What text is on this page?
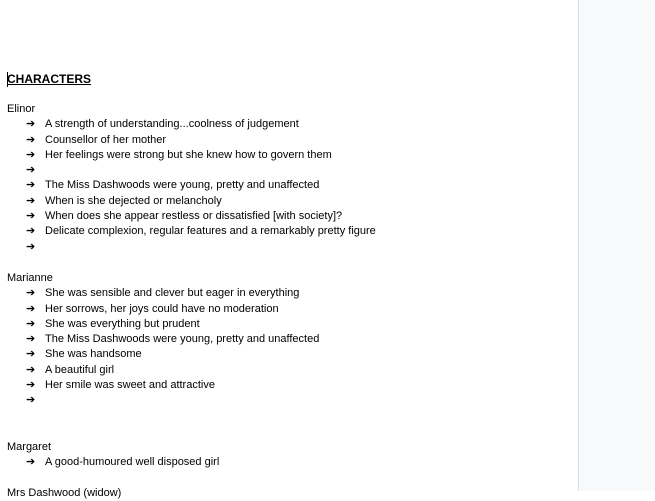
CHARACTERS
Elinor
➔ A strength of understanding...coolness of judgement
➔ Counsellor of her mother
➔ Her feelings were strong but she knew how to govern them
➔
➔ The Miss Dashwoods were young, pretty and unaffected
➔ When is she dejected or melancholy
➔ When does she appear restless or dissatisfied [with society]?
➔ Delicate complexion, regular features and a remarkably pretty figure
➔
Marianne
➔ She was sensible and clever but eager in everything
➔ Her sorrows, her joys could have no moderation
➔ She was everything but prudent
➔ The Miss Dashwoods were young, pretty and unaffected
➔ She was handsome
➔ A beautiful girl
➔ Her smile was sweet and attractive
➔
Margaret
➔ A good-humoured well disposed girl
Mrs Dashwood (widow)
